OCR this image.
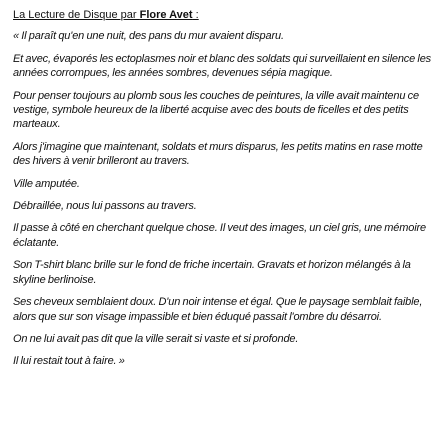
La Lecture de Disque par Flore Avet :

« Il paraît qu'en une nuit, des pans du mur avaient disparu.

Et avec, évaporés les ectoplasmes noir et blanc des soldats qui surveillaient en silence les années corrompues, les années sombres, devenues sépia magique.

Pour penser toujours au plomb sous les couches de peintures, la ville avait maintenu ce vestige, symbole heureux de la liberté acquise avec des bouts de ficelles et des petits marteaux.

Alors j'imagine que maintenant, soldats et murs disparus, les petits matins en rase motte des hivers à venir brilleront au travers.

Ville amputée.

Débraillée, nous lui passons au travers.

Il passe à côté en cherchant quelque chose. Il veut des images, un ciel gris, une mémoire éclatante.

Son T-shirt blanc brille sur le fond de friche incertain. Gravats et horizon mélangés à la skyline berlinoise.

Ses cheveux semblaient doux. D'un noir intense et égal. Que le paysage semblait faible, alors que sur son visage impassible et bien éduqué passait l'ombre du désarroi.

On ne lui avait pas dit que la ville serait si vaste et si profonde.

Il lui restait tout à faire. »
